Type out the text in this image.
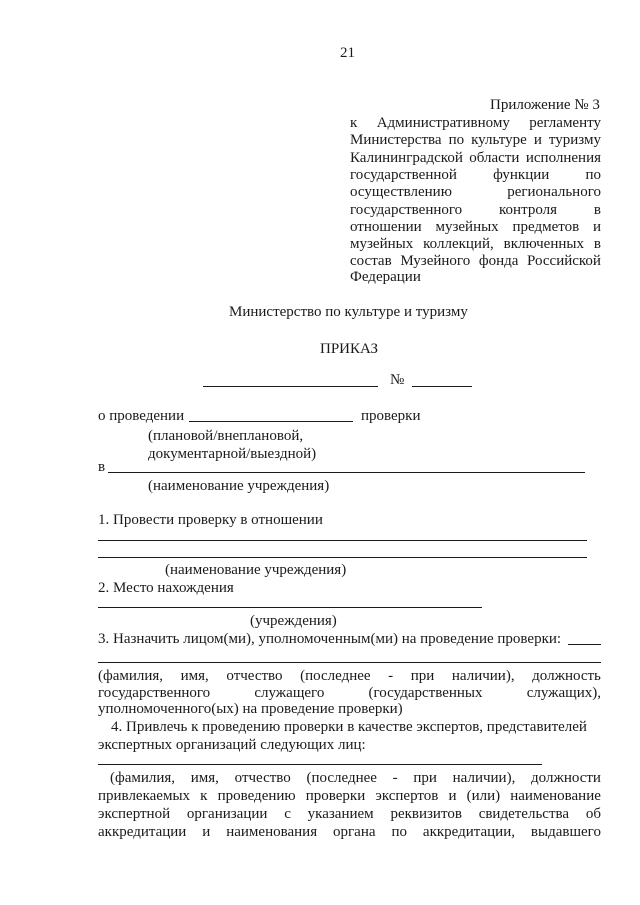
21
Приложение № 3
к Административному регламенту
Министерства по культуре и туризму
Калининградской области исполнения
государственной функции по
осуществлению	регионального
государственного контроля в
отношении музейных предметов и
музейных коллекций, включенных в
состав Музейного фонда Российской
Федерации
Министерство по культуре и туризму
ПРИКАЗ
№
о проведении	проверки
(плановой/внеплановой,
документарной/выездной)
в
(наименование учреждения)
1. Провести проверку в отношении
(наименование учреждения)
2. Место нахождения
(учреждения)
3. Назначить лицом(ми), уполномоченным(ми) на проведение проверки:
(фамилия, имя, отчество (последнее - при наличии), должность
государственного	служащего	(государственных	служащих),
уполномоченного(ых) на проведение проверки)
4. Привлечь к проведению проверки в качестве экспертов, представителей
экспертных организаций следующих лиц:
(фамилия, имя, отчество (последнее - при наличии), должности
привлекаемых к проведению проверки экспертов и (или) наименование
экспертной организации с указанием реквизитов свидетельства об
аккредитации и наименования органа по аккредитации, выдавшего
